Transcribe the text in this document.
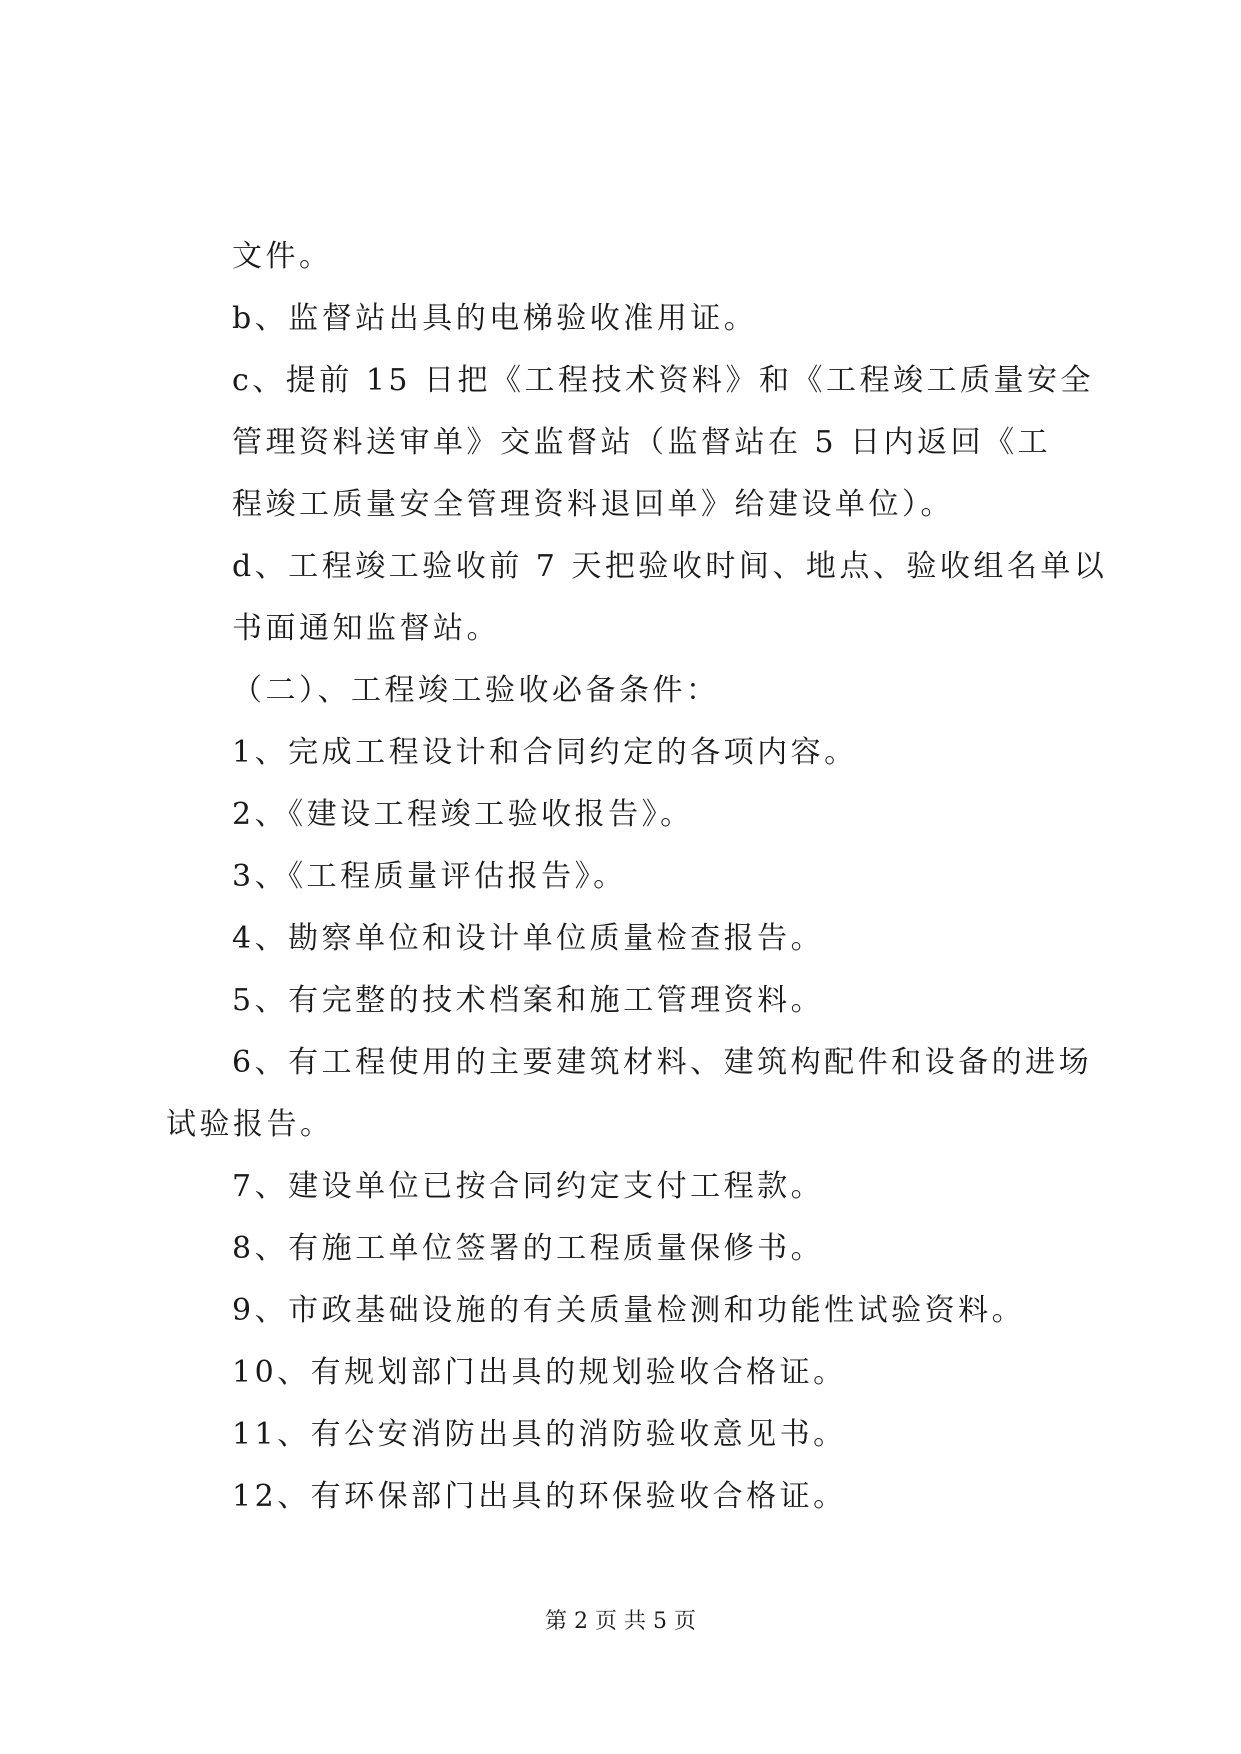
文件。
b、监督站出具的电梯验收准用证。
c、提前 15 日把《工程技术资料》和《工程竣工质量安全
管理资料送审单》交监督站（监督站在 5 日内返回《工
程竣工质量安全管理资料退回单》给建设单位）。
d、工程竣工验收前 7 天把验收时间、地点、验收组名单以
书面通知监督站。
（二）、工程竣工验收必备条件：
1、完成工程设计和合同约定的各项内容。
2、《建设工程竣工验收报告》。
3、《工程质量评估报告》。
4、勘察单位和设计单位质量检查报告。
5、有完整的技术档案和施工管理资料。
6、有工程使用的主要建筑材料、建筑构配件和设备的进场
试验报告。
7、建设单位已按合同约定支付工程款。
8、有施工单位签署的工程质量保修书。
9、市政基础设施的有关质量检测和功能性试验资料。
10、有规划部门出具的规划验收合格证。
11、有公安消防出具的消防验收意见书。
12、有环保部门出具的环保验收合格证。
第 2 页 共 5 页
